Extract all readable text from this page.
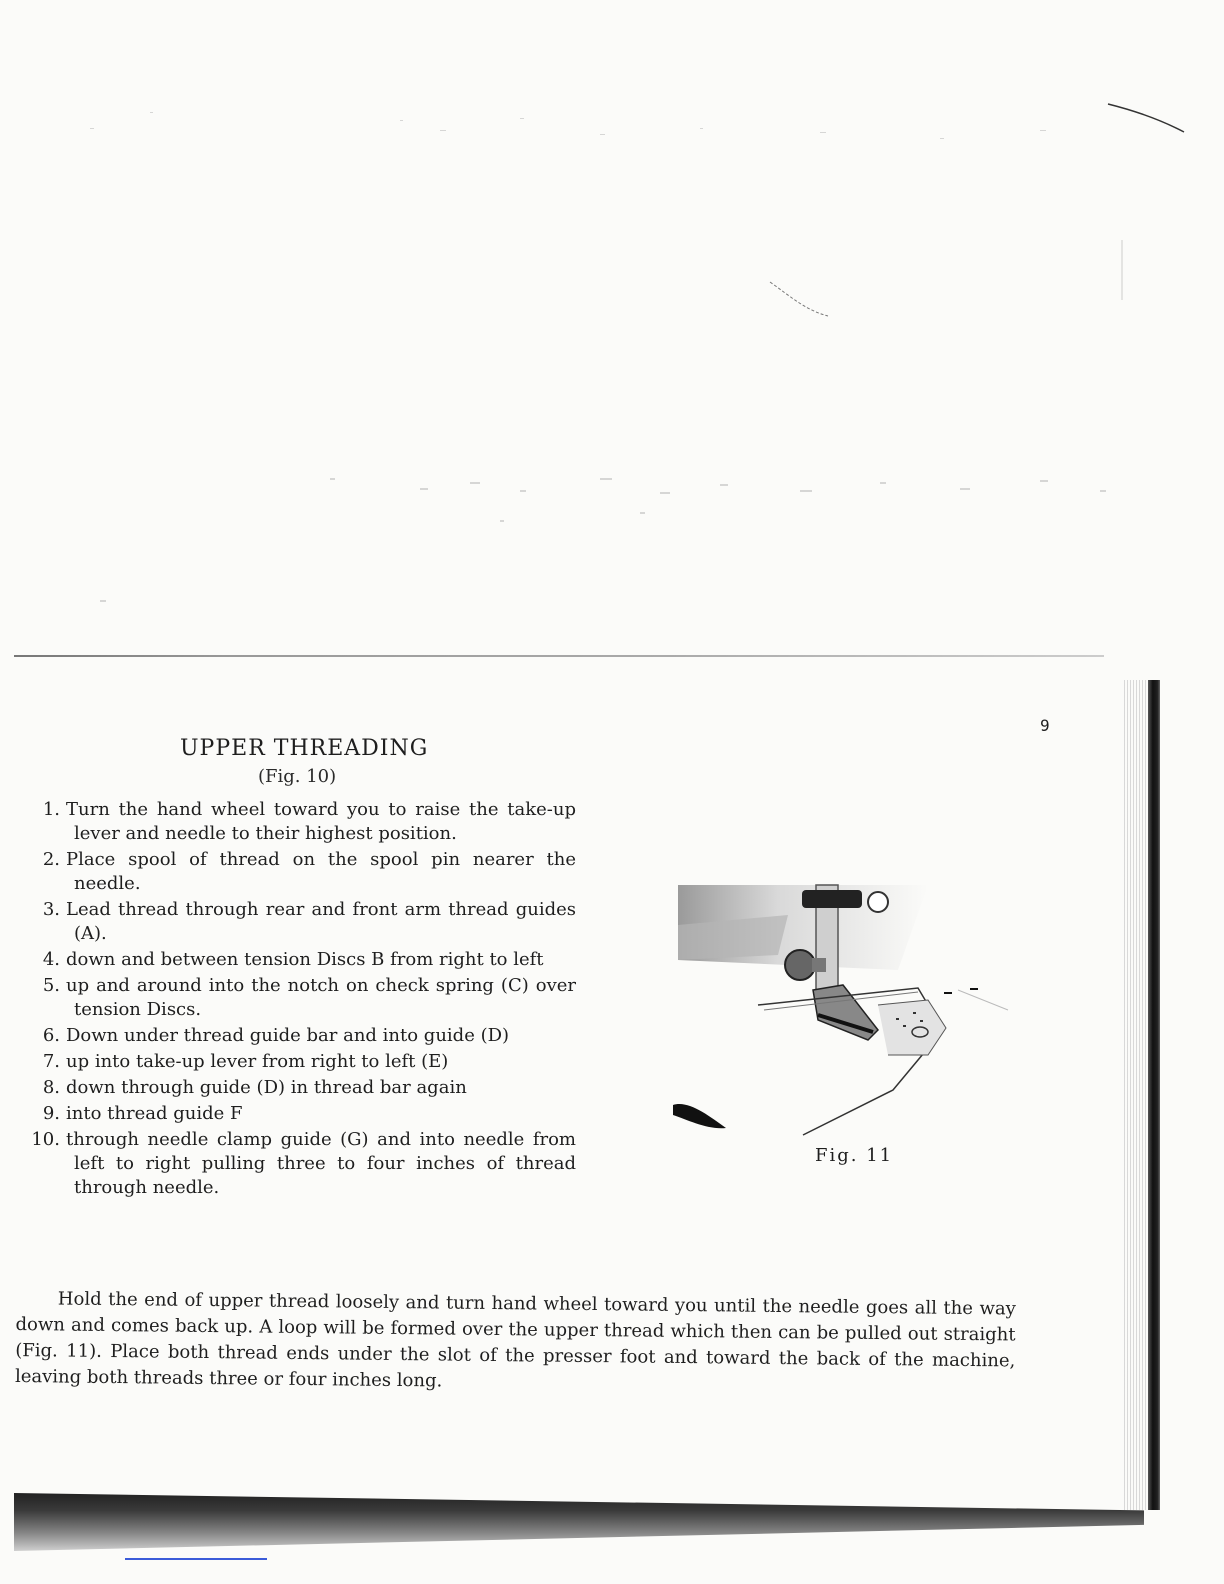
9
UPPER THREADING
(Fig. 10)
1. Turn the hand wheel toward you to raise the take-up lever and needle to their highest position.
2. Place spool of thread on the spool pin nearer the needle.
3. Lead thread through rear and front arm thread guides (A).
4. down and between tension Discs B from right to left
5. up and around into the notch on check spring (C) over tension Discs.
6. Down under thread guide bar and into guide (D)
7. up into take-up lever from right to left (E)
8. down through guide (D) in thread bar again
9. into thread guide F
10. through needle clamp guide (G) and into needle from left to right pulling three to four inches of thread through needle.
Fig. 11

Hold the end of upper thread loosely and turn hand wheel toward you until the needle goes all the way down and comes back up. A loop will be formed over the upper thread which then can be pulled out straight (Fig. 11). Place both thread ends under the slot of the presser foot and toward the back of the machine, leaving both threads three or four inches long.
